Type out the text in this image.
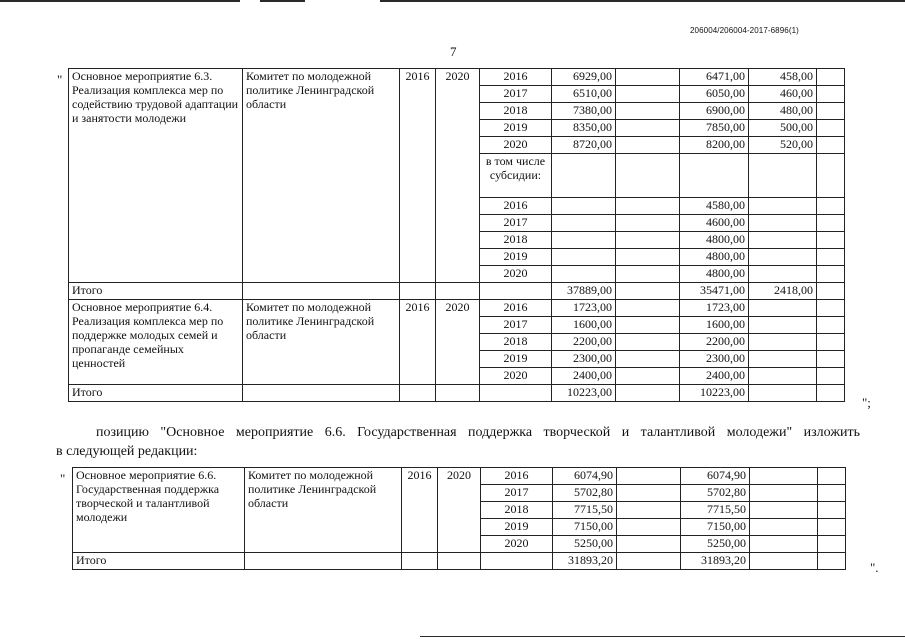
206004/206004-2017-6896(1)
7
" Основное мероприятие 6.3. Реализация комплекса мер по содействию трудовой адаптации и занятости молодежи	Комитет по молодежной политике Ленинградской области	2016	2020	2016	6929,00		6471,00	458,00	
				2017	6510,00		6050,00	460,00	
				2018	7380,00		6900,00	480,00	
				2019	8350,00		7850,00	500,00	
				2020	8720,00		8200,00	520,00	
				в том числе субсидии:					
				2016			4580,00		
				2017			4600,00		
				2018			4800,00		
				2019			4800,00		
				2020			4800,00		
Итого					37889,00		35471,00	2418,00	
Основное мероприятие 6.4. Реализация комплекса мер по поддержке молодых семей и пропаганде семейных ценностей	Комитет по молодежной политике Ленинградской области	2016	2020	2016	1723,00		1723,00		
				2017	1600,00		1600,00		
				2018	2200,00		2200,00		
				2019	2300,00		2300,00		
				2020	2400,00		2400,00		
Итого					10223,00		10223,00		
";
позицию "Основное мероприятие 6.6. Государственная поддержка творческой и талантливой молодежи" изложить
в следующей редакции:
" Основное мероприятие 6.6. Государственная поддержка творческой и талантливой молодежи	Комитет по молодежной политике Ленинградской области	2016	2020	2016	6074,90		6074,90		
				2017	5702,80		5702,80		
				2018	7715,50		7715,50		
				2019	7150,00		7150,00		
				2020	5250,00		5250,00		
Итого					31893,20		31893,20			".
